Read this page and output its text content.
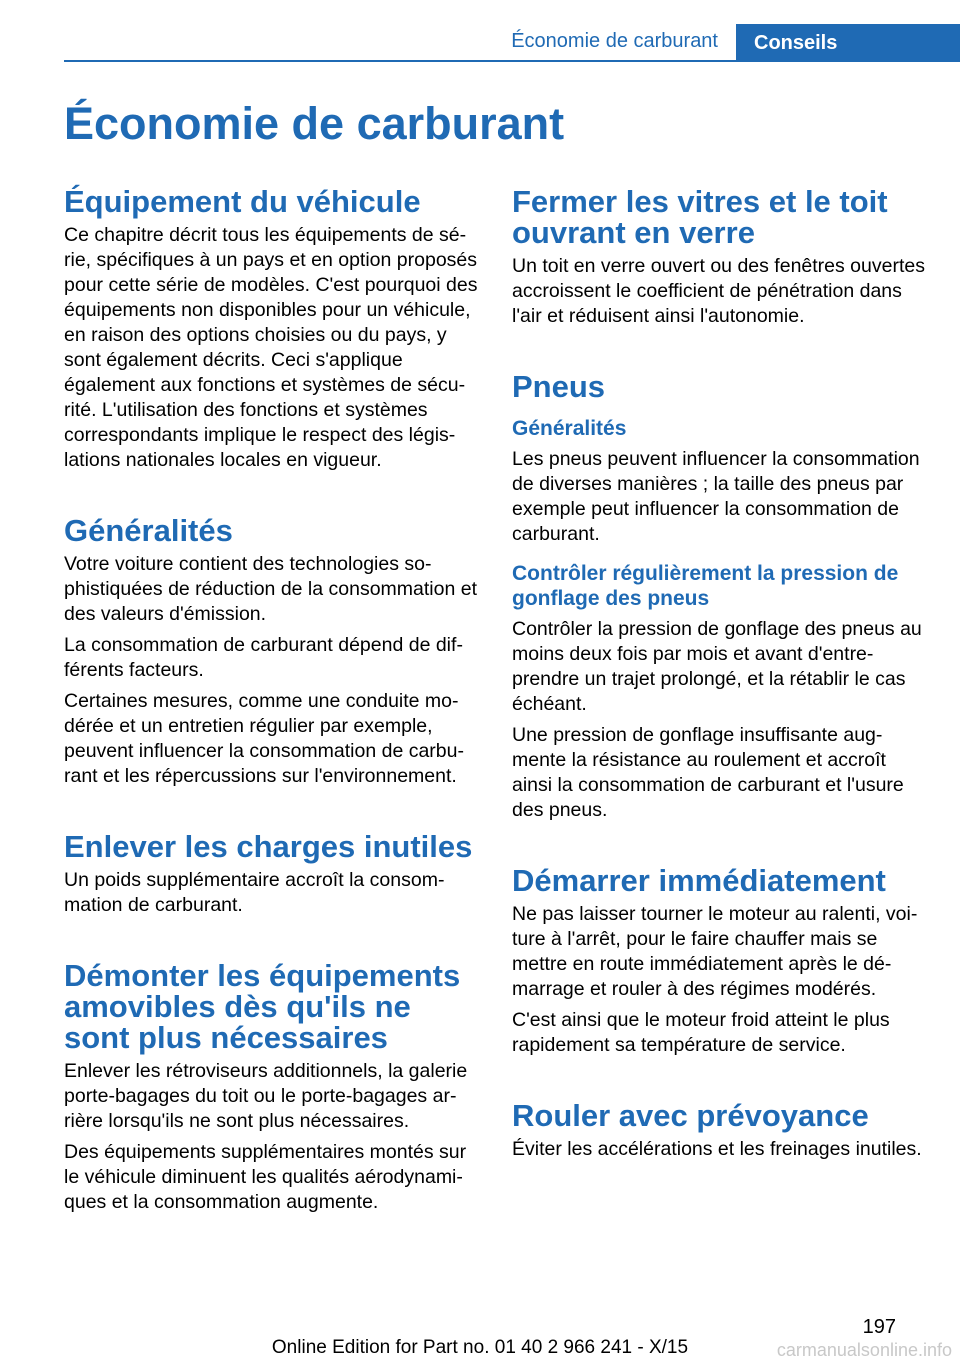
Économie de carburant	Conseils
Économie de carburant
Équipement du véhicule

Ce chapitre décrit tous les équipements de série, spécifiques à un pays et en option proposés pour cette série de modèles. C'est pourquoi des équipements non disponibles pour un véhicule, en raison des options choisies ou du pays, y sont également décrits. Ceci s'applique également aux fonctions et systèmes de sécurité. L'utilisation des fonctions et systèmes correspondants implique le respect des législations nationales locales en vigueur.

Généralités

Votre voiture contient des technologies sophistiquées de réduction de la consommation et des valeurs d'émission.

La consommation de carburant dépend de différents facteurs.

Certaines mesures, comme une conduite modérée et un entretien régulier par exemple, peuvent influencer la consommation de carburant et les répercussions sur l'environnement.

Enlever les charges inutiles

Un poids supplémentaire accroît la consommation de carburant.

Démonter les équipements amovibles dès qu'ils ne sont plus nécessaires

Enlever les rétroviseurs additionnels, la galerie porte-bagages du toit ou le porte-bagages arrière lorsqu'ils ne sont plus nécessaires.

Des équipements supplémentaires montés sur le véhicule diminuent les qualités aérodynamiques et la consommation augmente.

Fermer les vitres et le toit ouvrant en verre

Un toit en verre ouvert ou des fenêtres ouvertes accroissent le coefficient de pénétration dans l'air et réduisent ainsi l'autonomie.

Pneus
Généralités

Les pneus peuvent influencer la consommation de diverses manières ; la taille des pneus par exemple peut influencer la consommation de carburant.

Contrôler régulièrement la pression de gonflage des pneus

Contrôler la pression de gonflage des pneus au moins deux fois par mois et avant d'entreprendre un trajet prolongé, et la rétablir le cas échéant.

Une pression de gonflage insuffisante augmente la résistance au roulement et accroît ainsi la consommation de carburant et l'usure des pneus.

Démarrer immédiatement

Ne pas laisser tourner le moteur au ralenti, voiture à l'arrêt, pour le faire chauffer mais se mettre en route immédiatement après le démarrage et rouler à des régimes modérés.

C'est ainsi que le moteur froid atteint le plus rapidement sa température de service.

Rouler avec prévoyance

Éviter les accélérations et les freinages inutiles.

197
Online Edition for Part no. 01 40 2 966 241 - X/15	carmanualsonline.info
